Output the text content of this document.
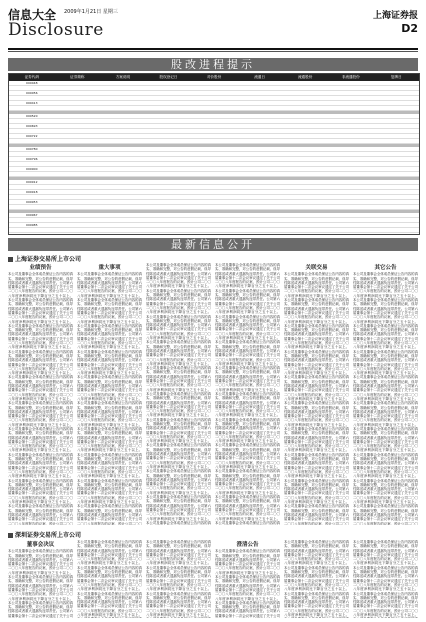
信息大全 2009年1月21日 星期三	上海证券报
Disclosure	D2
股改进程提示
证券代码	证券简称	方案说明	股权登记日	对价股份	流通日	流通股份	非流通股份	复牌日
000048
000056
000413
000520
000693
000722
000780
000796
000900
000912
000918
000953
000967
000985
600094
最新信息公开
上海证券交易所上市公司
业绩预告
本公司及董事会全体成员保证公告内容的真实、准确和完整，对公告的虚假记载、误导性陈述或者重大遗漏负连带责任。公司第六届董事会第十二次会议审议通过了关于公司二〇〇八年度报告的议案，预计公司二〇〇八年度净利润同比下降百分之五十以上。 本公司及董事会全体成员保证公告内容的真实、准确和完整，对公告的虚假记载、误导性陈述或者重大遗漏负连带责任。公司第六届董事会第十二次会议审议通过了关于公司二〇〇八年度报告的议案，预计公司二〇〇八年度净利润同比下降百分之五十以上。 本公司及董事会全体成员保证公告内容的真实、准确和完整，对公告的虚假记载、误导性陈述或者重大遗漏负连带责任。公司第六届董事会第十二次会议审议通过了关于公司二〇〇八年度报告的议案，预计公司二〇〇八年度净利润同比下降百分之五十以上。 本公司及董事会全体成员保证公告内容的真实、准确和完整，对公告的虚假记载、误导性陈述或者重大遗漏负连带责任。公司第六届董事会第十二次会议审议通过了关于公司二〇〇八年度报告的议案，预计公司二〇〇八年度净利润同比下降百分之五十以上。 本公司及董事会全体成员保证公告内容的真实、准确和完整，对公告的虚假记载、误导性陈述或者重大遗漏负连带责任。公司第六届董事会第十二次会议审议通过了关于公司二〇〇八年度报告的议案，预计公司二〇〇八年度净利润同比下降百分之五十以上。 本公司及董事会全体成员保证公告内容的真实、准确和完整，对公告的虚假记载、误导性陈述或者重大遗漏负连带责任。公司第六届董事会第十二次会议审议通过了关于公司二〇〇八年度报告的议案，预计公司二〇〇八年度净利润同比下降百分之五十以上。 本公司及董事会全体成员保证公告内容的真实、准确和完整，对公告的虚假记载、误导性陈述或者重大遗漏负连带责任。公司第六届董事会第十二次会议审议通过了关于公司二〇〇八年度报告的议案，预计公司二〇〇八年度净利润同比下降百分之五十以上。 本公司及董事会全体成员保证公告内容的真实、准确和完整，对公告的虚假记载、误导性陈述或者重大遗漏负连带责任。公司第六届董事会第十二次会议审议通过了关于公司二〇〇八年度报告的议案，预计公司二〇〇八年度净利润同比下降百分之五十以上。 本公司及董事会全体成员保证公告内容的真实、准确和完整，对公告的虚假记载、误导性陈述或者重大遗漏负连带责任。公司第六届董事会第十二次会议审议通过了关于公司二〇〇八年度报告的议案，预计公司二〇〇八年度净利润同比下降百分之五十以上。 本公司及董事会全体成员保证公告内容的真实、准确和完整，对公告的虚假记载、误导性陈述或者重大遗漏负连带责任。公司第六届董事会第十二次会议审议通过了关于公司二〇〇八年度报告的议案，预计公司二〇〇
重大事项
本公司及董事会全体成员保证公告内容的真实、准确和完整，对公告的虚假记载、误导性陈述或者重大遗漏负连带责任。公司第六届董事会第十二次会议审议通过了关于公司二〇〇八年度报告的议案，预计公司二〇〇八年度净利润同比下降百分之五十以上。 本公司及董事会全体成员保证公告内容的真实、准确和完整，对公告的虚假记载、误导性陈述或者重大遗漏负连带责任。公司第六届董事会第十二次会议审议通过了关于公司二〇〇八年度报告的议案，预计公司二〇〇八年度净利润同比下降百分之五十以上。 本公司及董事会全体成员保证公告内容的真实、准确和完整，对公告的虚假记载、误导性陈述或者重大遗漏负连带责任。公司第六届董事会第十二次会议审议通过了关于公司二〇〇八年度报告的议案，预计公司二〇〇八年度净利润同比下降百分之五十以上。 本公司及董事会全体成员保证公告内容的真实、准确和完整，对公告的虚假记载、误导性陈述或者重大遗漏负连带责任。公司第六届董事会第十二次会议审议通过了关于公司二〇〇八年度报告的议案，预计公司二〇〇八年度净利润同比下降百分之五十以上。 本公司及董事会全体成员保证公告内容的真实、准确和完整，对公告的虚假记载、误导性陈述或者重大遗漏负连带责任。公司第六届董事会第十二次会议审议通过了关于公司二〇〇八年度报告的议案，预计公司二〇〇八年度净利润同比下降百分之五十以上。 本公司及董事会全体成员保证公告内容的真实、准确和完整，对公告的虚假记载、误导性陈述或者重大遗漏负连带责任。公司第六届董事会第十二次会议审议通过了关于公司二〇〇八年度报告的议案，预计公司二〇〇八年度净利润同比下降百分之五十以上。 本公司及董事会全体成员保证公告内容的真实、准确和完整，对公告的虚假记载、误导性陈述或者重大遗漏负连带责任。公司第六届董事会第十二次会议审议通过了关于公司二〇〇八年度报告的议案，预计公司二〇〇八年度净利润同比下降百分之五十以上。 本公司及董事会全体成员保证公告内容的真实、准确和完整，对公告的虚假记载、误导性陈述或者重大遗漏负连带责任。公司第六届董事会第十二次会议审议通过了关于公司二〇〇八年度报告的议案，预计公司二〇〇八年度净利润同比下降百分之五十以上。 本公司及董事会全体成员保证公告内容的真实、准确和完整，对公告的虚假记载、误导性陈述或者重大遗漏负连带责任。公司第六届董事会第十二次会议审议通过了关于公司二〇〇八年度报告的议案，预计公司二〇〇八年度净利润同比下降百分之五十以上。 本公司及董事会全体成员保证公告内容的真实、准确和完整，对公告的虚假记载、误导性陈述或者重大遗漏负连带责任。公司第六届董事会第十二次会议审议通过了关于公司二〇〇八年度报告的议案，预计公司二〇〇
本公司及董事会全体成员保证公告内容的真实、准确和完整，对公告的虚假记载、误导性陈述或者重大遗漏负连带责任。公司第六届董事会第十二次会议审议通过了关于公司二〇〇八年度报告的议案，预计公司二〇〇八年度净利润同比下降百分之五十以上。 本公司及董事会全体成员保证公告内容的真实、准确和完整，对公告的虚假记载、误导性陈述或者重大遗漏负连带责任。公司第六届董事会第十二次会议审议通过了关于公司二〇〇八年度报告的议案，预计公司二〇〇八年度净利润同比下降百分之五十以上。 本公司及董事会全体成员保证公告内容的真实、准确和完整，对公告的虚假记载、误导性陈述或者重大遗漏负连带责任。公司第六届董事会第十二次会议审议通过了关于公司二〇〇八年度报告的议案，预计公司二〇〇八年度净利润同比下降百分之五十以上。 本公司及董事会全体成员保证公告内容的真实、准确和完整，对公告的虚假记载、误导性陈述或者重大遗漏负连带责任。公司第六届董事会第十二次会议审议通过了关于公司二〇〇八年度报告的议案，预计公司二〇〇八年度净利润同比下降百分之五十以上。 本公司及董事会全体成员保证公告内容的真实、准确和完整，对公告的虚假记载、误导性陈述或者重大遗漏负连带责任。公司第六届董事会第十二次会议审议通过了关于公司二〇〇八年度报告的议案，预计公司二〇〇八年度净利润同比下降百分之五十以上。 本公司及董事会全体成员保证公告内容的真实、准确和完整，对公告的虚假记载、误导性陈述或者重大遗漏负连带责任。公司第六届董事会第十二次会议审议通过了关于公司二〇〇八年度报告的议案，预计公司二〇〇八年度净利润同比下降百分之五十以上。 本公司及董事会全体成员保证公告内容的真实、准确和完整，对公告的虚假记载、误导性陈述或者重大遗漏负连带责任。公司第六届董事会第十二次会议审议通过了关于公司二〇〇八年度报告的议案，预计公司二〇〇八年度净利润同比下降百分之五十以上。 本公司及董事会全体成员保证公告内容的真实、准确和完整，对公告的虚假记载、误导性陈述或者重大遗漏负连带责任。公司第六届董事会第十二次会议审议通过了关于公司二〇〇八年度报告的议案，预计公司二〇〇八年度净利润同比下降百分之五十以上。 本公司及董事会全体成员保证公告内容的真实、准确和完整，对公告的虚假记载、误导性陈述或者重大遗漏负连带责任。公司第六届董事会第十二次会议审议通过了关于公司二〇〇八年度报告的议案，预计公司二〇〇八年度净利润同比下降百分之五十以上。 本公司及董事会全体成员保证公告内容的真实、准确和完整，对公告的虚假记载、误导性陈述或者重大遗漏负连带责任。公司第六届董事会第十二次会议审议通过了关于公司二〇〇八年度报告的议案，预计公司二〇〇八年度净利润同比下降百分之五十以上。 本公司及董事会全体成员保证公告内容的真
本公司及董事会全体成员保证公告内容的真实、准确和完整，对公告的虚假记载、误导性陈述或者重大遗漏负连带责任。公司第六届董事会第十二次会议审议通过了关于公司二〇〇八年度报告的议案，预计公司二〇〇八年度净利润同比下降百分之五十以上。 本公司及董事会全体成员保证公告内容的真实、准确和完整，对公告的虚假记载、误导性陈述或者重大遗漏负连带责任。公司第六届董事会第十二次会议审议通过了关于公司二〇〇八年度报告的议案，预计公司二〇〇八年度净利润同比下降百分之五十以上。 本公司及董事会全体成员保证公告内容的真实、准确和完整，对公告的虚假记载、误导性陈述或者重大遗漏负连带责任。公司第六届董事会第十二次会议审议通过了关于公司二〇〇八年度报告的议案，预计公司二〇〇八年度净利润同比下降百分之五十以上。 本公司及董事会全体成员保证公告内容的真实、准确和完整，对公告的虚假记载、误导性陈述或者重大遗漏负连带责任。公司第六届董事会第十二次会议审议通过了关于公司二〇〇八年度报告的议案，预计公司二〇〇八年度净利润同比下降百分之五十以上。 本公司及董事会全体成员保证公告内容的真实、准确和完整，对公告的虚假记载、误导性陈述或者重大遗漏负连带责任。公司第六届董事会第十二次会议审议通过了关于公司二〇〇八年度报告的议案，预计公司二〇〇八年度净利润同比下降百分之五十以上。 本公司及董事会全体成员保证公告内容的真实、准确和完整，对公告的虚假记载、误导性陈述或者重大遗漏负连带责任。公司第六届董事会第十二次会议审议通过了关于公司二〇〇八年度报告的议案，预计公司二〇〇八年度净利润同比下降百分之五十以上。 本公司及董事会全体成员保证公告内容的真实、准确和完整，对公告的虚假记载、误导性陈述或者重大遗漏负连带责任。公司第六届董事会第十二次会议审议通过了关于公司二〇〇八年度报告的议案，预计公司二〇〇八年度净利润同比下降百分之五十以上。 本公司及董事会全体成员保证公告内容的真实、准确和完整，对公告的虚假记载、误导性陈述或者重大遗漏负连带责任。公司第六届董事会第十二次会议审议通过了关于公司二〇〇八年度报告的议案，预计公司二〇〇八年度净利润同比下降百分之五十以上。 本公司及董事会全体成员保证公告内容的真实、准确和完整，对公告的虚假记载、误导性陈述或者重大遗漏负连带责任。公司第六届董事会第十二次会议审议通过了关于公司二〇〇八年度报告的议案，预计公司二〇〇八年度净利润同比下降百分之五十以上。 本公司及董事会全体成员保证公告内容的真实、准确和完整，对公告的虚假记载、误导性陈述或者重大遗漏负连带责任。公司第六届董事会第十二次会议审议通过了关于公司二〇〇八年度报告的议案，预计公司二〇〇八年度净利润同比下降百分之五十以上。 本公司及董事会全体成员保证公告内容的真
关联交易
本公司及董事会全体成员保证公告内容的真实、准确和完整，对公告的虚假记载、误导性陈述或者重大遗漏负连带责任。公司第六届董事会第十二次会议审议通过了关于公司二〇〇八年度报告的议案，预计公司二〇〇八年度净利润同比下降百分之五十以上。 本公司及董事会全体成员保证公告内容的真实、准确和完整，对公告的虚假记载、误导性陈述或者重大遗漏负连带责任。公司第六届董事会第十二次会议审议通过了关于公司二〇〇八年度报告的议案，预计公司二〇〇八年度净利润同比下降百分之五十以上。 本公司及董事会全体成员保证公告内容的真实、准确和完整，对公告的虚假记载、误导性陈述或者重大遗漏负连带责任。公司第六届董事会第十二次会议审议通过了关于公司二〇〇八年度报告的议案，预计公司二〇〇八年度净利润同比下降百分之五十以上。 本公司及董事会全体成员保证公告内容的真实、准确和完整，对公告的虚假记载、误导性陈述或者重大遗漏负连带责任。公司第六届董事会第十二次会议审议通过了关于公司二〇〇八年度报告的议案，预计公司二〇〇八年度净利润同比下降百分之五十以上。 本公司及董事会全体成员保证公告内容的真实、准确和完整，对公告的虚假记载、误导性陈述或者重大遗漏负连带责任。公司第六届董事会第十二次会议审议通过了关于公司二〇〇八年度报告的议案，预计公司二〇〇八年度净利润同比下降百分之五十以上。 本公司及董事会全体成员保证公告内容的真实、准确和完整，对公告的虚假记载、误导性陈述或者重大遗漏负连带责任。公司第六届董事会第十二次会议审议通过了关于公司二〇〇八年度报告的议案，预计公司二〇〇八年度净利润同比下降百分之五十以上。 本公司及董事会全体成员保证公告内容的真实、准确和完整，对公告的虚假记载、误导性陈述或者重大遗漏负连带责任。公司第六届董事会第十二次会议审议通过了关于公司二〇〇八年度报告的议案，预计公司二〇〇八年度净利润同比下降百分之五十以上。 本公司及董事会全体成员保证公告内容的真实、准确和完整，对公告的虚假记载、误导性陈述或者重大遗漏负连带责任。公司第六届董事会第十二次会议审议通过了关于公司二〇〇八年度报告的议案，预计公司二〇〇八年度净利润同比下降百分之五十以上。 本公司及董事会全体成员保证公告内容的真实、准确和完整，对公告的虚假记载、误导性陈述或者重大遗漏负连带责任。公司第六届董事会第十二次会议审议通过了关于公司二〇〇八年度报告的议案，预计公司二〇〇八年度净利润同比下降百分之五十以上。 本公司及董事会全体成员保证公告内容的真实、准确和完整，对公告的虚假记载、误导性陈述或者重大遗漏负连带责任。公司第六届董事会第十二次会议审议通过了关于公司二〇〇八年度报告的议案，预计公司二〇〇
其它公告
本公司及董事会全体成员保证公告内容的真实、准确和完整，对公告的虚假记载、误导性陈述或者重大遗漏负连带责任。公司第六届董事会第十二次会议审议通过了关于公司二〇〇八年度报告的议案，预计公司二〇〇八年度净利润同比下降百分之五十以上。 本公司及董事会全体成员保证公告内容的真实、准确和完整，对公告的虚假记载、误导性陈述或者重大遗漏负连带责任。公司第六届董事会第十二次会议审议通过了关于公司二〇〇八年度报告的议案，预计公司二〇〇八年度净利润同比下降百分之五十以上。 本公司及董事会全体成员保证公告内容的真实、准确和完整，对公告的虚假记载、误导性陈述或者重大遗漏负连带责任。公司第六届董事会第十二次会议审议通过了关于公司二〇〇八年度报告的议案，预计公司二〇〇八年度净利润同比下降百分之五十以上。 本公司及董事会全体成员保证公告内容的真实、准确和完整，对公告的虚假记载、误导性陈述或者重大遗漏负连带责任。公司第六届董事会第十二次会议审议通过了关于公司二〇〇八年度报告的议案，预计公司二〇〇八年度净利润同比下降百分之五十以上。 本公司及董事会全体成员保证公告内容的真实、准确和完整，对公告的虚假记载、误导性陈述或者重大遗漏负连带责任。公司第六届董事会第十二次会议审议通过了关于公司二〇〇八年度报告的议案，预计公司二〇〇八年度净利润同比下降百分之五十以上。 本公司及董事会全体成员保证公告内容的真实、准确和完整，对公告的虚假记载、误导性陈述或者重大遗漏负连带责任。公司第六届董事会第十二次会议审议通过了关于公司二〇〇八年度报告的议案，预计公司二〇〇八年度净利润同比下降百分之五十以上。 本公司及董事会全体成员保证公告内容的真实、准确和完整，对公告的虚假记载、误导性陈述或者重大遗漏负连带责任。公司第六届董事会第十二次会议审议通过了关于公司二〇〇八年度报告的议案，预计公司二〇〇八年度净利润同比下降百分之五十以上。 本公司及董事会全体成员保证公告内容的真实、准确和完整，对公告的虚假记载、误导性陈述或者重大遗漏负连带责任。公司第六届董事会第十二次会议审议通过了关于公司二〇〇八年度报告的议案，预计公司二〇〇八年度净利润同比下降百分之五十以上。 本公司及董事会全体成员保证公告内容的真实、准确和完整，对公告的虚假记载、误导性陈述或者重大遗漏负连带责任。公司第六届董事会第十二次会议审议通过了关于公司二〇〇八年度报告的议案，预计公司二〇〇八年度净利润同比下降百分之五十以上。 本公司及董事会全体成员保证公告内容的真实、准确和完整，对公告的虚假记载、误导性陈述或者重大遗漏负连带责任。公司第六届董事会第十二次会议审议通过了关于公司二〇〇八年度报告的议案，预计公司二〇〇
深圳证券交易所上市公司
董事会决议
本公司及董事会全体成员保证公告内容的真实、准确和完整，对公告的虚假记载、误导性陈述或者重大遗漏负连带责任。公司第六届董事会第十二次会议审议通过了关于公司二〇〇八年度报告的议案，预计公司二〇〇八年度净利润同比下降百分之五十以上。 本公司及董事会全体成员保证公告内容的真实、准确和完整，对公告的虚假记载、误导性陈述或者重大遗漏负连带责任。公司第六届董事会第十二次会议审议通过了关于公司二〇〇八年度报告的议案，预计公司二〇〇八年度净利润同比下降百分之五十以上。 本公司及董事会全体成员保证公告内容的真实、准确和完整，对公告的虚假记载、误导性陈述或者重大遗漏负连带责任。公司第六届董事会第十二次会议审议通过了关于公司
本公司及董事会全体成员保证公告内容的真实、准确和完整，对公告的虚假记载、误导性陈述或者重大遗漏负连带责任。公司第六届董事会第十二次会议审议通过了关于公司二〇〇八年度报告的议案，预计公司二〇〇八年度净利润同比下降百分之五十以上。 本公司及董事会全体成员保证公告内容的真实、准确和完整，对公告的虚假记载、误导性陈述或者重大遗漏负连带责任。公司第六届董事会第十二次会议审议通过了关于公司二〇〇八年度报告的议案，预计公司二〇〇八年度净利润同比下降百分之五十以上。 本公司及董事会全体成员保证公告内容的真实、准确和完整，对公告的虚假记载、误导性陈述或者重大遗漏负连带责任。公司第六届董事会第十二次会议审议通过了关于公司二〇〇八年度报告的议案，预计公司二〇〇八年度净利润同比下降百分之五十以上。
本公司及董事会全体成员保证公告内容的真实、准确和完整，对公告的虚假记载、误导性陈述或者重大遗漏负连带责任。公司第六届董事会第十二次会议审议通过了关于公司二〇〇八年度报告的议案，预计公司二〇〇八年度净利润同比下降百分之五十以上。 本公司及董事会全体成员保证公告内容的真实、准确和完整，对公告的虚假记载、误导性陈述或者重大遗漏负连带责任。公司第六届董事会第十二次会议审议通过了关于公司二〇〇八年度报告的议案，预计公司二〇〇八年度净利润同比下降百分之五十以上。 本公司及董事会全体成员保证公告内容的真实、准确和完整，对公告的虚假记载、误导性陈述或者重大遗漏负连带责任。公司第六届董事会第十二次会议审议通过了关于公司二〇〇八年度报告的议案，预计公司二〇〇八年度净利润同比下降百分之五十以上。
澄清公告
本公司及董事会全体成员保证公告内容的真实、准确和完整，对公告的虚假记载、误导性陈述或者重大遗漏负连带责任。公司第六届董事会第十二次会议审议通过了关于公司二〇〇八年度报告的议案，预计公司二〇〇八年度净利润同比下降百分之五十以上。 本公司及董事会全体成员保证公告内容的真实、准确和完整，对公告的虚假记载、误导性陈述或者重大遗漏负连带责任。公司第六届董事会第十二次会议审议通过了关于公司二〇〇八年度报告的议案，预计公司二〇〇八年度净利润同比下降百分之五十以上。 本公司及董事会全体成员保证公告内容的真实、准确和完整，对公告的虚假记载、误导性陈述或者重大遗漏负连带责任。公司第六届董事会第十二次会议审议通过了关于公司
本公司及董事会全体成员保证公告内容的真实、准确和完整，对公告的虚假记载、误导性陈述或者重大遗漏负连带责任。公司第六届董事会第十二次会议审议通过了关于公司二〇〇八年度报告的议案，预计公司二〇〇八年度净利润同比下降百分之五十以上。 本公司及董事会全体成员保证公告内容的真实、准确和完整，对公告的虚假记载、误导性陈述或者重大遗漏负连带责任。公司第六届董事会第十二次会议审议通过了关于公司二〇〇八年度报告的议案，预计公司二〇〇八年度净利润同比下降百分之五十以上。 本公司及董事会全体成员保证公告内容的真实、准确和完整，对公告的虚假记载、误导性陈述或者重大遗漏负连带责任。公司第六届董事会第十二次会议审议通过了关于公司二〇〇八年度报告的议案，预计公司二〇〇八年度净利润同比下降百分之五十以上。
本公司及董事会全体成员保证公告内容的真实、准确和完整，对公告的虚假记载、误导性陈述或者重大遗漏负连带责任。公司第六届董事会第十二次会议审议通过了关于公司二〇〇八年度报告的议案，预计公司二〇〇八年度净利润同比下降百分之五十以上。 本公司及董事会全体成员保证公告内容的真实、准确和完整，对公告的虚假记载、误导性陈述或者重大遗漏负连带责任。公司第六届董事会第十二次会议审议通过了关于公司二〇〇八年度报告的议案，预计公司二〇〇八年度净利润同比下降百分之五十以上。 本公司及董事会全体成员保证公告内容的真实、准确和完整，对公告的虚假记载、误导性陈述或者重大遗漏负连带责任。公司第六届董事会第十二次会议审议通过了关于公司二〇〇八年度报告的议案，预计公司二〇〇八年度净利润同比下降百分之五十以上。
